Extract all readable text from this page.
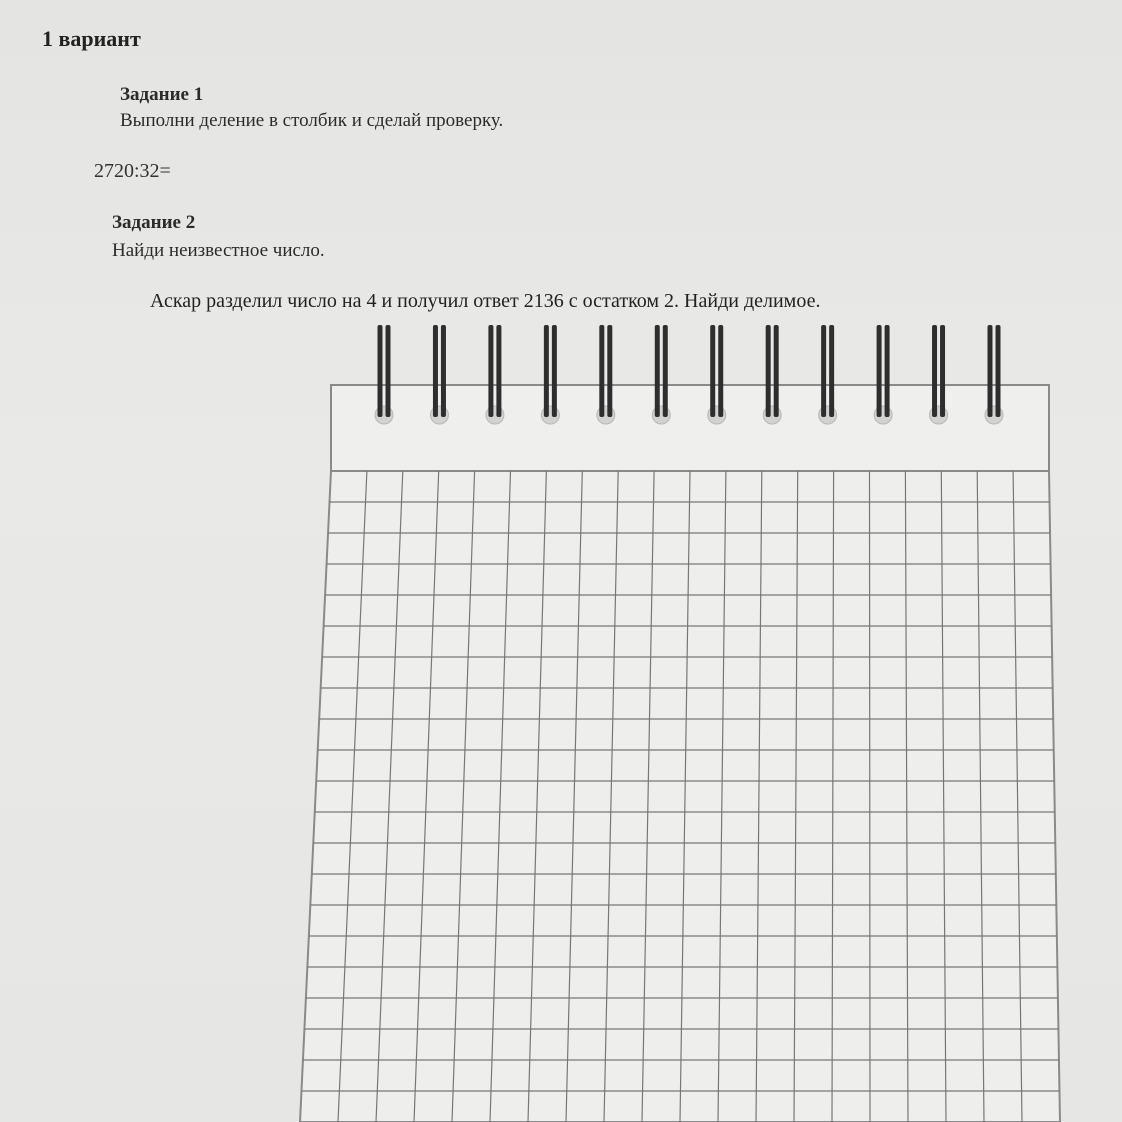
1 вариант
Задание 1
Выполни деление в столбик и сделай проверку.
2720:32=
Задание 2
Найди неизвестное число.
Аскар разделил число на 4 и получил ответ 2136 с остатком 2. Найди делимое.
